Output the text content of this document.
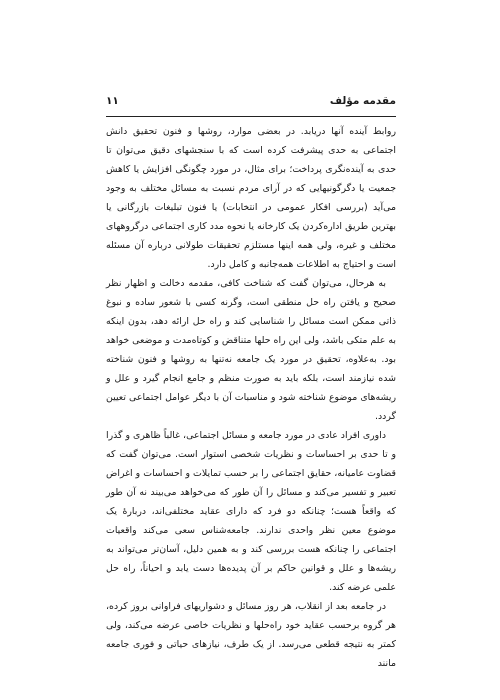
مقدمه مؤلف
۱۱

روابط آینده آنها دریابد. در بعضی موارد، روشها و فنون تحقیق دانش اجتماعی به حدی پیشرفت کرده است که با سنجشهای دقیق می‌توان تا حدی به آینده‌نگری پرداخت؛ برای مثال، در مورد چگونگی افزایش یا کاهش جمعیت یا دگرگونیهایی که در آرای مردم نسبت به مسائل مختلف به وجود می‌آید (بررسی افکار عمومی در انتخابات) یا فنون تبلیغات بازرگانی یا بهترین طریق اداره‌کردن یک کارخانه یا نحوه مدد کاری اجتماعی درگروههای مختلف و غیره، ولی همه اینها مستلزم تحقیقات طولانی درباره آن مسئله است و احتیاج به اطلاعات همه‌جانبه و کامل دارد.

به هرحال، می‌توان گفت که شناخت کافی، مقدمه دخالت و اظهار نظر صحیح و یافتن راه حل منطقی است، وگرنه کسی با شعور ساده و نبوغ ذاتی ممکن است مسائل را شناسایی کند و راه حل ارائه دهد، بدون اینکه به علم متکی باشد، ولی این راه حلها متناقض و کوتاه‌مدت و موضعی خواهد بود. به‌علاوه، تحقیق در مورد یک جامعه نه‌تنها به روشها و فنون شناخته شده نیازمند است، بلکه باید به صورت منظم و جامع انجام گیرد و علل و ریشه‌های موضوع شناخته شود و مناسبات آن با دیگر عوامل اجتماعی تعیین گردد.

داوری افراد عادی در مورد جامعه و مسائل اجتماعی، غالباً ظاهری و گذرا و تا حدی بر احساسات و نظریات شخصی استوار است. می‌توان گفت که قضاوت عامیانه، حقایق اجتماعی را بر حسب تمایلات و احساسات و اغراض تعبیر و تفسیر می‌کند و مسائل را آن طور که می‌خواهد می‌بیند نه آن طور که واقعاً هست؛ چنانکه دو فرد که دارای عقاید مختلفی‌اند، دربارهٔ یک موضوع معین نظر واحدی ندارند. جامعه‌شناس سعی می‌کند واقعیات اجتماعی را چنانکه هست بررسی کند و به همین دلیل، آسان‌تر می‌تواند به ریشه‌ها و علل و قوانین حاکم بر آن پدیده‌ها دست یابد و احیاناً، راه حل علمی عرضه کند.

در جامعه بعد از انقلاب، هر روز مسائل و دشواریهای فراوانی بروز کرده، هر گروه برحسب عقاید خود راه‌حلها و نظریات خاصی عرضه می‌کند، ولی کمتر به نتیجه قطعی می‌رسد. از یک طرف، نیازهای حیاتی و فوری جامعه مانند
